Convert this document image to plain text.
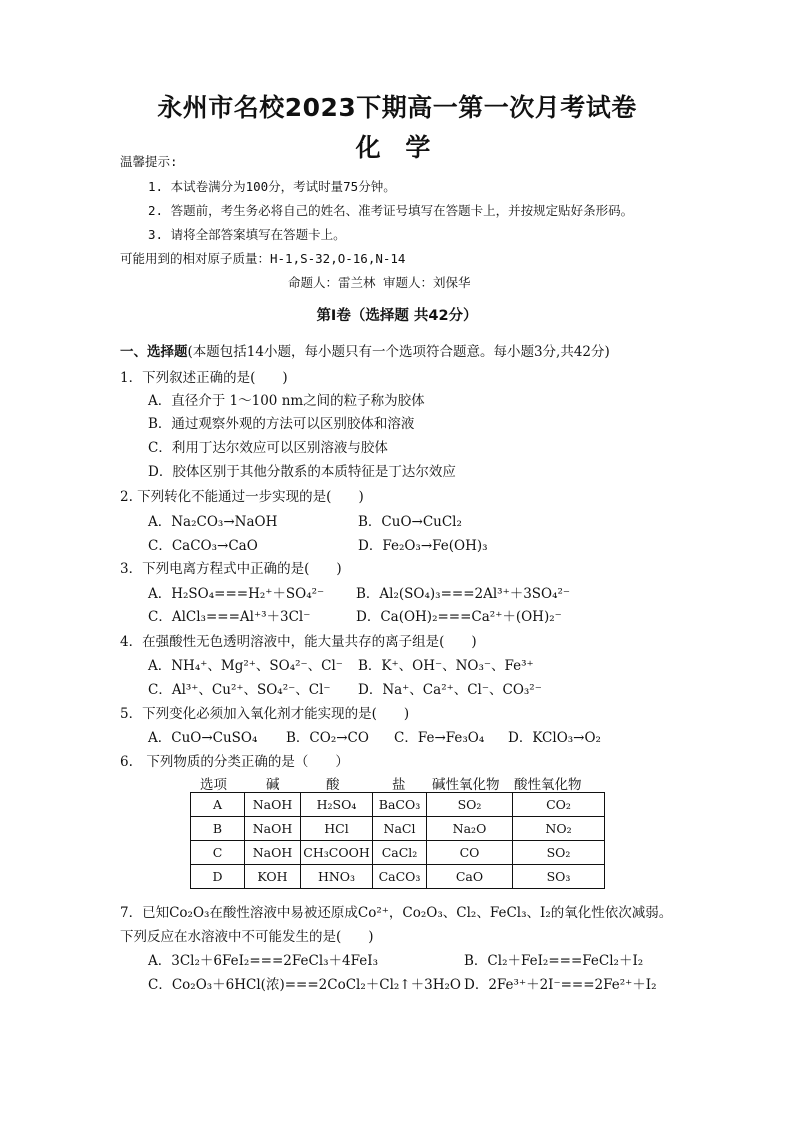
永州市名校2023下期高一第一次月考试卷
化 学
温馨提示:
1. 本试卷满分为100分，考试时量75分钟。
2. 答题前，考生务必将自己的姓名、准考证号填写在答题卡上，并按规定贴好条形码。
3. 请将全部答案填写在答题卡上。
可能用到的相对原子质量：H-1,S-32,O-16,N-14
命题人：雷兰林 审题人：刘保华
第Ⅰ卷（选择题 共42分）
一、选择题(本题包括14小题，每小题只有一个选项符合题意。每小题3分,共42分)
1．下列叙述正确的是(　　)
A．直径介于 1～100 nm之间的粒子称为胶体
B．通过观察外观的方法可以区别胶体和溶液
C．利用丁达尔效应可以区别溶液与胶体
D．胶体区别于其他分散系的本质特征是丁达尔效应
2. 下列转化不能通过一步实现的是(　　)
A．Na₂CO₃→NaOH	B．CuO→CuCl₂
C．CaCO₃→CaO	D．Fe₂O₃→Fe(OH)₃
3．下列电离方程式中正确的是(　　)
A．H₂SO₄===H₂⁺＋SO₄²⁻ B．Al₂(SO₄)₃===2Al³⁺＋3SO₄²⁻
C．AlCl₃===Al⁺³＋3Cl⁻	D．Ca(OH)₂===Ca²⁺＋(OH)₂⁻
4．在强酸性无色透明溶液中，能大量共存的离子组是(　　)
A．NH₄⁺、Mg²⁺、SO₄²⁻、Cl⁻ B．K⁺、OH⁻、NO₃⁻、Fe³⁺
C．Al³⁺、Cu²⁺、SO₄²⁻、Cl⁻ D．Na⁺、Ca²⁺、Cl⁻、CO₃²⁻
5．下列变化必须加入氧化剂才能实现的是(　　)
A．CuO→CuSO₄ B．CO₂→CO C．Fe→Fe₃O₄ D．KClO₃→O₂
6.　下列物质的分类正确的是（　　）
选项	碱	酸	盐 碱性氧化物 酸性氧化物
A	NaOH	H₂SO₄	BaCO₃	SO₂	CO₂
B	NaOH	HCl	NaCl	Na₂O	NO₂
C	NaOH	CH₃COOH	CaCl₂	CO	SO₂
D	KOH	HNO₃	CaCO₃	CaO	SO₃
7．已知Co₂O₃在酸性溶液中易被还原成Co²⁺，Co₂O₃、Cl₂、FeCl₃、I₂的氧化性依次减弱。
下列反应在水溶液中不可能发生的是(　　)
A．3Cl₂＋6FeI₂===2FeCl₃＋4FeI₃	B．Cl₂＋FeI₂===FeCl₂＋I₂
C．Co₂O₃＋6HCl(浓)===2CoCl₂＋Cl₂↑＋3H₂O D．2Fe³⁺＋2I⁻===2Fe²⁺＋I₂
